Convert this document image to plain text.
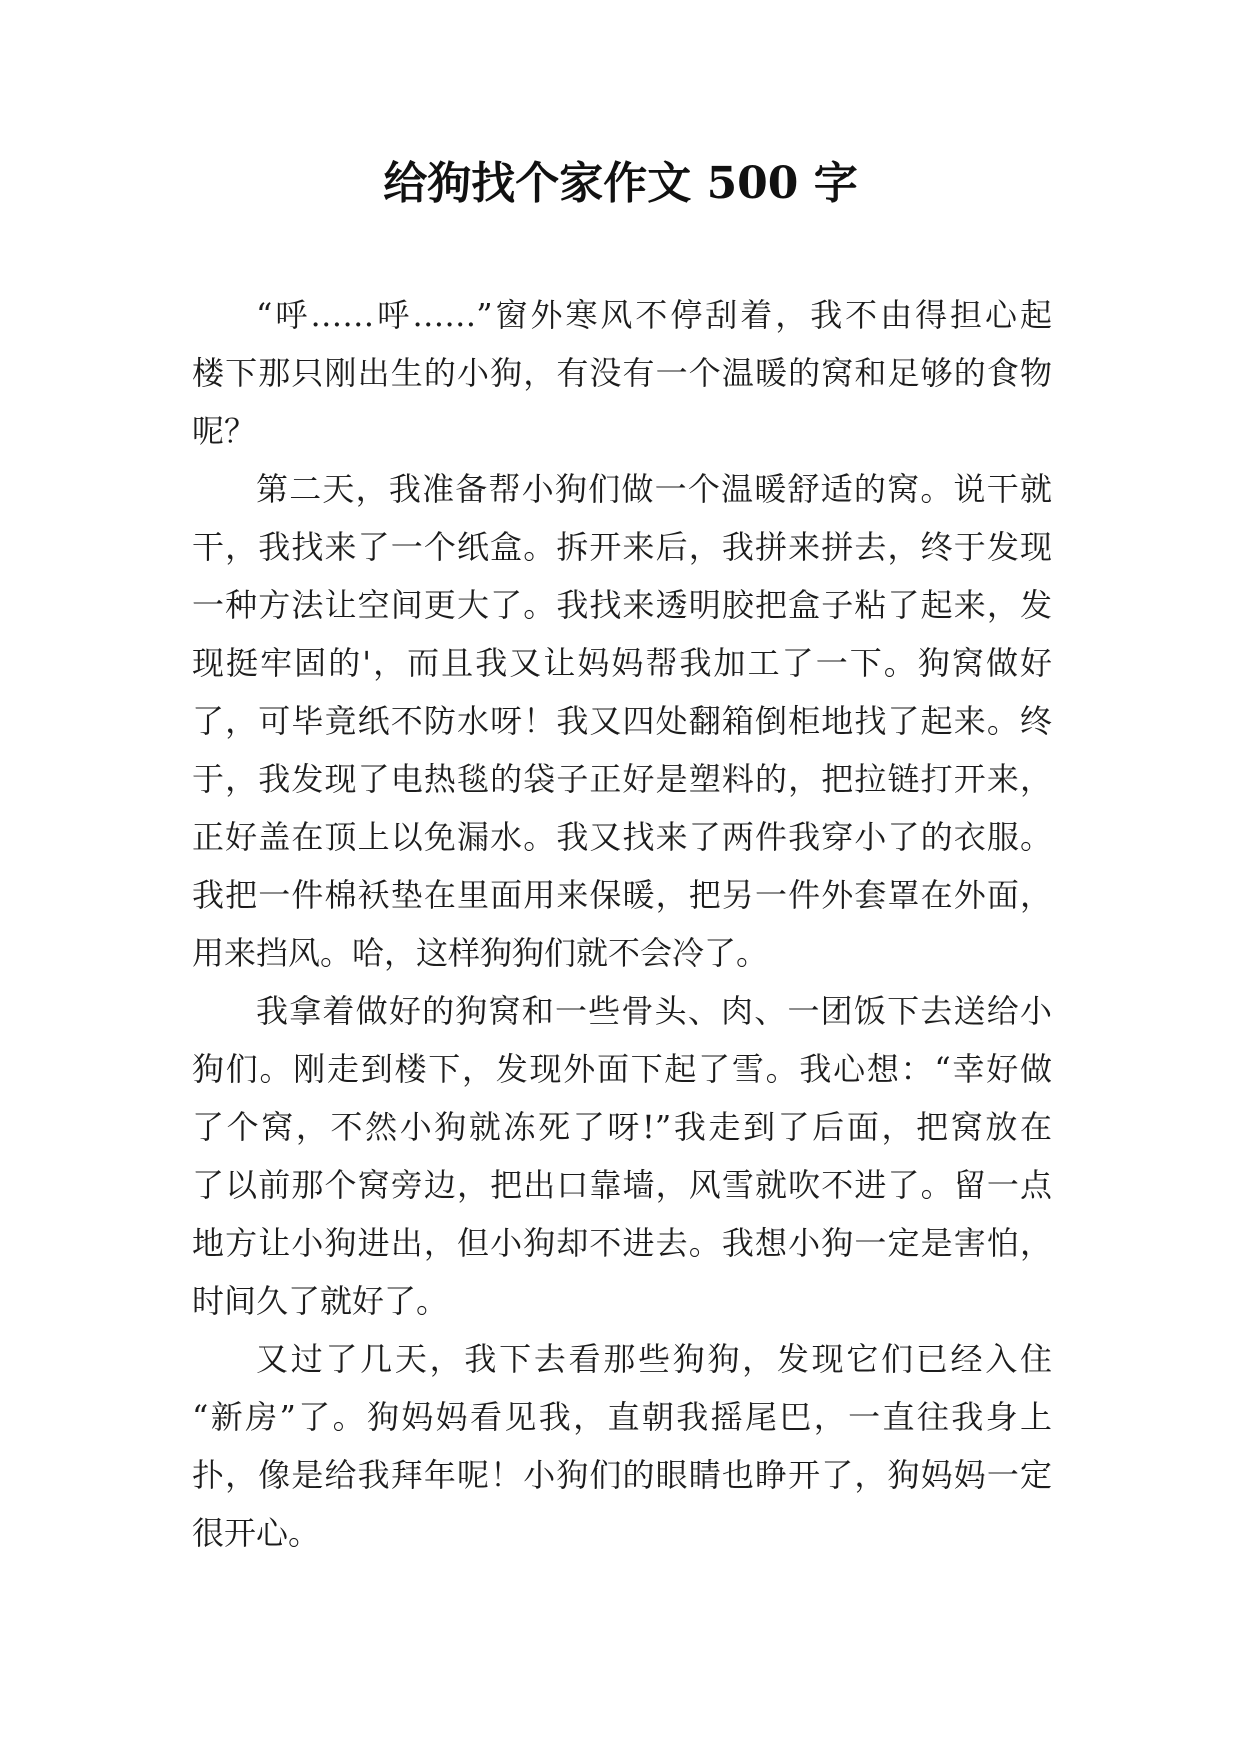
给狗找个家作文 500 字
“呼……呼……”窗外寒风不停刮着，我不由得担心起
楼下那只刚出生的小狗，有没有一个温暖的窝和足够的食物
呢？
第二天，我准备帮小狗们做一个温暖舒适的窝。说干就
干，我找来了一个纸盒。拆开来后，我拼来拼去，终于发现
一种方法让空间更大了。我找来透明胶把盒子粘了起来，发
现挺牢固的'，而且我又让妈妈帮我加工了一下。狗窝做好
了，可毕竟纸不防水呀！我又四处翻箱倒柜地找了起来。终
于，我发现了电热毯的袋子正好是塑料的，把拉链打开来，
正好盖在顶上以免漏水。我又找来了两件我穿小了的衣服。
我把一件棉袄垫在里面用来保暖，把另一件外套罩在外面，
用来挡风。哈，这样狗狗们就不会冷了。
我拿着做好的狗窝和一些骨头、肉、一团饭下去送给小
狗们。刚走到楼下，发现外面下起了雪。我心想：“幸好做
了个窝，不然小狗就冻死了呀!”我走到了后面，把窝放在
了以前那个窝旁边，把出口靠墙，风雪就吹不进了。留一点
地方让小狗进出，但小狗却不进去。我想小狗一定是害怕，
时间久了就好了。
又过了几天，我下去看那些狗狗，发现它们已经入住
“新房”了。狗妈妈看见我，直朝我摇尾巴，一直往我身上
扑，像是给我拜年呢！小狗们的眼睛也睁开了，狗妈妈一定
很开心。
